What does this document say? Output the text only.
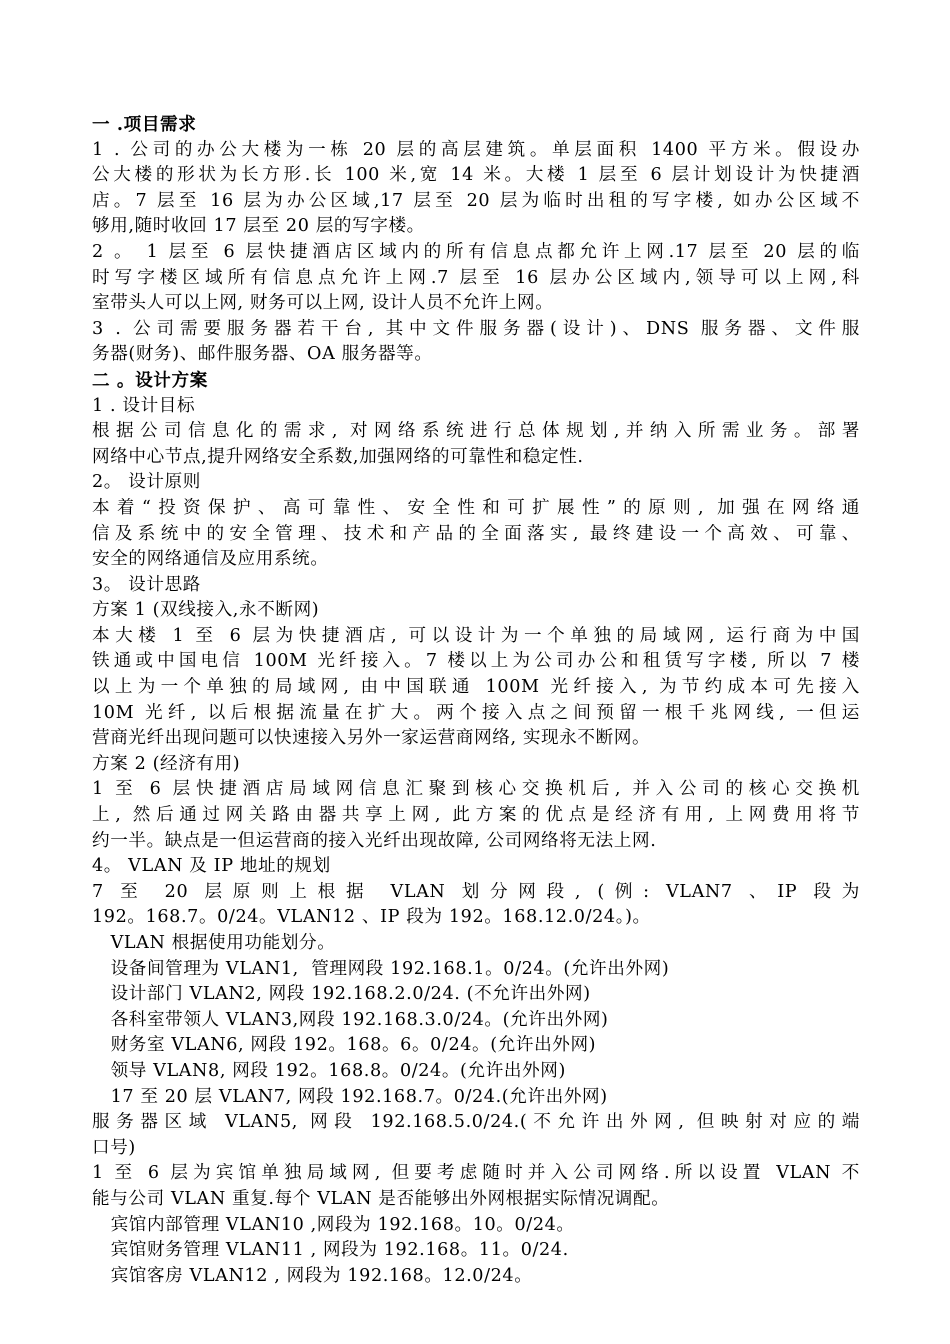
一 .项目需求
1 . 公司的办公大楼为一栋 20 层的高层建筑。单层面积 1400 平方米。假设办
公大楼的形状为长方形.长 100 米,宽 14 米。大楼 1 层至 6 层计划设计为快捷酒
店。7 层至 16 层为办公区域,17 层至 20 层为临时出租的写字楼, 如办公区域不
够用,随时收回 17 层至 20 层的写字楼。
2 。 1 层至 6 层快捷酒店区域内的所有信息点都允许上网.17 层至 20 层的临
时写字楼区域所有信息点允许上网.7 层至 16 层办公区域内,领导可以上网,科
室带头人可以上网, 财务可以上网, 设计人员不允许上网。
3 . 公司需要服务器若干台, 其中文件服务器(设计)、DNS 服务器、文件服
务器(财务)、邮件服务器、OA 服务器等。
二 。设计方案
1 . 设计目标
根据公司信息化的需求, 对网络系统进行总体规划,并纳入所需业务。部署
网络中心节点,提升网络安全系数,加强网络的可靠性和稳定性.
2。 设计原则
本着“投资保护、高可靠性、安全性和可扩展性”的原则, 加强在网络通
信及系统中的安全管理、技术和产品的全面落实, 最终建设一个高效、可靠、
安全的网络通信及应用系统。
3。 设计思路
方案 1 (双线接入,永不断网)
本大楼 1 至 6 层为快捷酒店, 可以设计为一个单独的局域网, 运行商为中国
铁通或中国电信 100M 光纤接入。7 楼以上为公司办公和租赁写字楼, 所以 7 楼
以上为一个单独的局域网, 由中国联通 100M 光纤接入, 为节约成本可先接入
10M 光纤, 以后根据流量在扩大。两个接入点之间预留一根千兆网线, 一但运
营商光纤出现问题可以快速接入另外一家运营商网络, 实现永不断网。
方案 2 (经济有用)
1 至 6 层快捷酒店局域网信息汇聚到核心交换机后, 并入公司的核心交换机
上, 然后通过网关路由器共享上网, 此方案的优点是经济有用, 上网费用将节
约一半。缺点是一但运营商的接入光纤出现故障, 公司网络将无法上网.
4。 VLAN 及 IP 地址的规划
7 至 20 层原则上根据 VLAN 划分网段, (例: VLAN7 、IP 段为
192。168.7。0/24。VLAN12 、IP 段为 192。168.12.0/24。)。
VLAN 根据使用功能划分。
设备间管理为 VLAN1,  管理网段 192.168.1。0/24。(允许出外网)
设计部门 VLAN2, 网段 192.168.2.0/24. (不允许出外网)
各科室带领人 VLAN3,网段 192.168.3.0/24。(允许出外网)
财务室 VLAN6, 网段 192。168。6。0/24。(允许出外网)
领导 VLAN8, 网段 192。168.8。0/24。(允许出外网)
17 至 20 层 VLAN7, 网段 192.168.7。0/24.(允许出外网)
服务器区域 VLAN5, 网段 192.168.5.0/24.(不允许出外网, 但映射对应的端
口号)
1 至 6 层为宾馆单独局域网, 但要考虑随时并入公司网络.所以设置 VLAN 不
能与公司 VLAN 重复.每个 VLAN 是否能够出外网根据实际情况调配。
宾馆内部管理 VLAN10 ,网段为 192.168。10。0/24。
宾馆财务管理 VLAN11 , 网段为 192.168。11。0/24.
宾馆客房 VLAN12 , 网段为 192.168。12.0/24。
